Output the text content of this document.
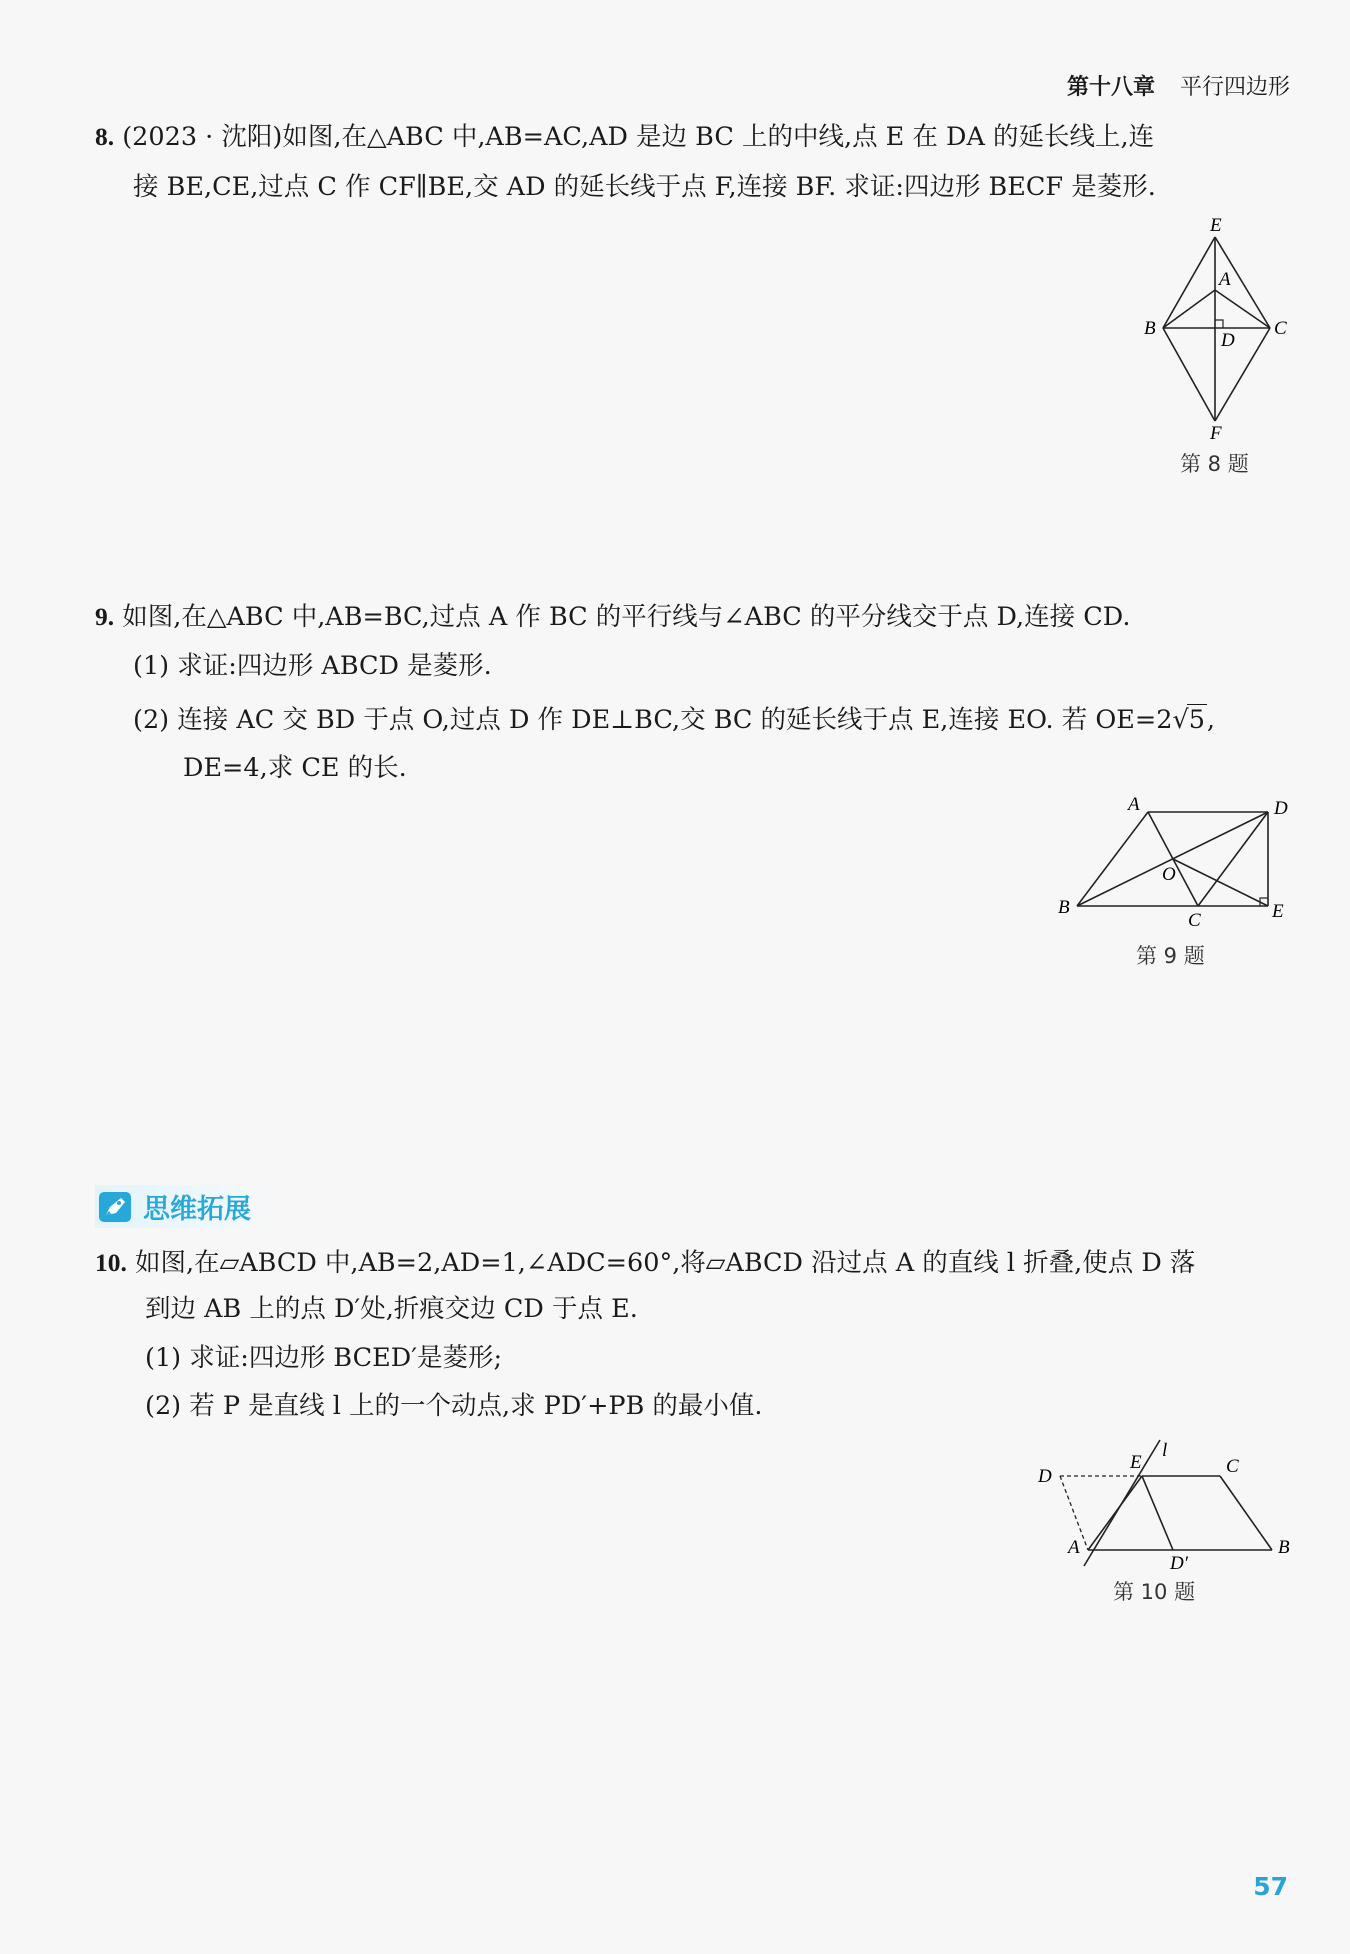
第十八章 平行四边形
8. (2023 · 沈阳)如图,在△ABC 中,AB=AC,AD 是边 BC 上的中线,点 E 在 DA 的延长线上,连
接 BE,CE,过点 C 作 CF∥BE,交 AD 的延长线于点 F,连接 BF. 求证:四边形 BECF 是菱形.
E
A
B
D
C
F
第 8 题
9. 如图,在△ABC 中,AB=BC,过点 A 作 BC 的平行线与∠ABC 的平分线交于点 D,连接 CD.
(1) 求证:四边形 ABCD 是菱形.
(2) 连接 AC 交 BD 于点 O,过点 D 作 DE⊥BC,交 BC 的延长线于点 E,连接 EO. 若 OE=2√5,
DE=4,求 CE 的长.
A	D
O
B
C	E
第 9 题
思维拓展
10. 如图,在▱ABCD 中,AB=2,AD=1,∠ADC=60°,将▱ABCD 沿过点 A 的直线 l 折叠,使点 D 落
到边 AB 上的点 D′处,折痕交边 CD 于点 E.
(1) 求证:四边形 BCED′是菱形;
(2) 若 P 是直线 l 上的一个动点,求 PD′+PB 的最小值.
D
E
l
C
A
D′
B
第 10 题
57
